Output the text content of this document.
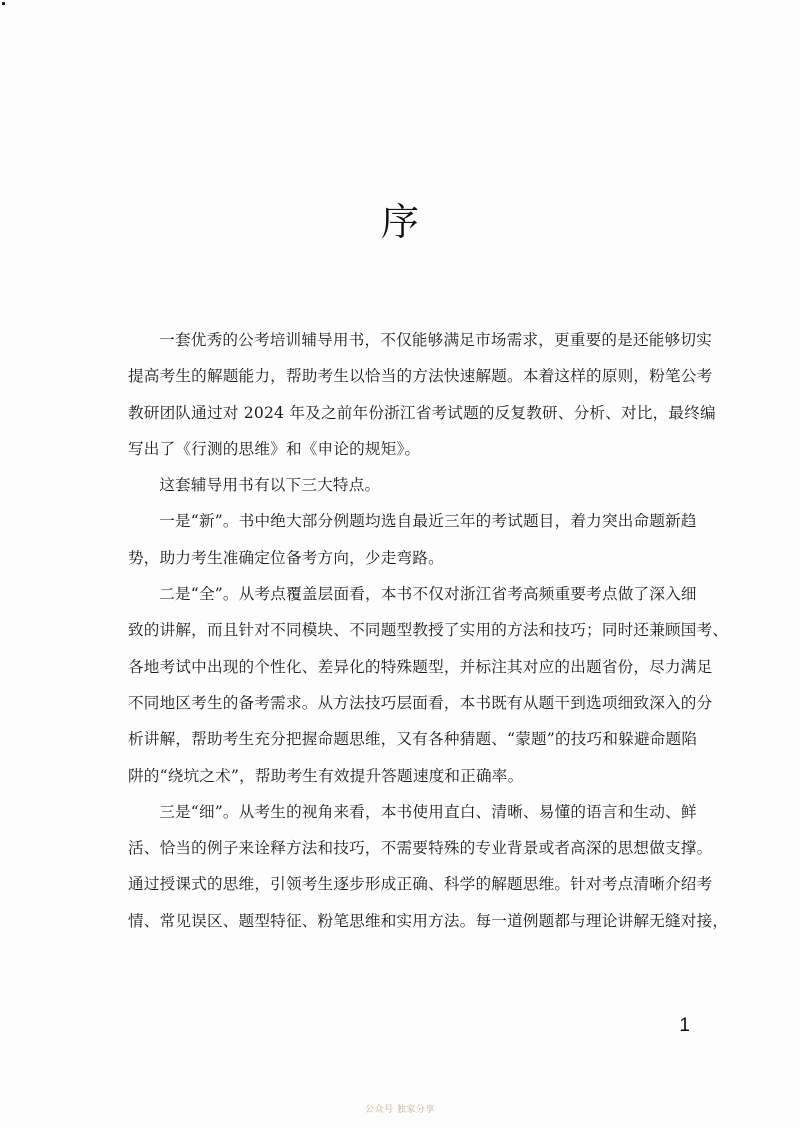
序
一套优秀的公考培训辅导用书，不仅能够满足市场需求，更重要的是还能够切实
提高考生的解题能力，帮助考生以恰当的方法快速解题。本着这样的原则，粉笔公考
教研团队通过对 2024 年及之前年份浙江省考试题的反复教研、分析、对比，最终编
写出了《行测的思维》和《申论的规矩》。
这套辅导用书有以下三大特点。
一是“新”。书中绝大部分例题均选自最近三年的考试题目，着力突出命题新趋
势，助力考生准确定位备考方向，少走弯路。
二是“全”。从考点覆盖层面看，本书不仅对浙江省考高频重要考点做了深入细
致的讲解，而且针对不同模块、不同题型教授了实用的方法和技巧；同时还兼顾国考、
各地考试中出现的个性化、差异化的特殊题型，并标注其对应的出题省份，尽力满足
不同地区考生的备考需求。从方法技巧层面看，本书既有从题干到选项细致深入的分
析讲解，帮助考生充分把握命题思维，又有各种猜题、“蒙题”的技巧和躲避命题陷
阱的“绕坑之术”，帮助考生有效提升答题速度和正确率。
三是“细”。从考生的视角来看，本书使用直白、清晰、易懂的语言和生动、鲜
活、恰当的例子来诠释方法和技巧，不需要特殊的专业背景或者高深的思想做支撑。
通过授课式的思维，引领考生逐步形成正确、科学的解题思维。针对考点清晰介绍考
情、常见误区、题型特征、粉笔思维和实用方法。每一道例题都与理论讲解无缝对接，
1
公众号 独家分享
